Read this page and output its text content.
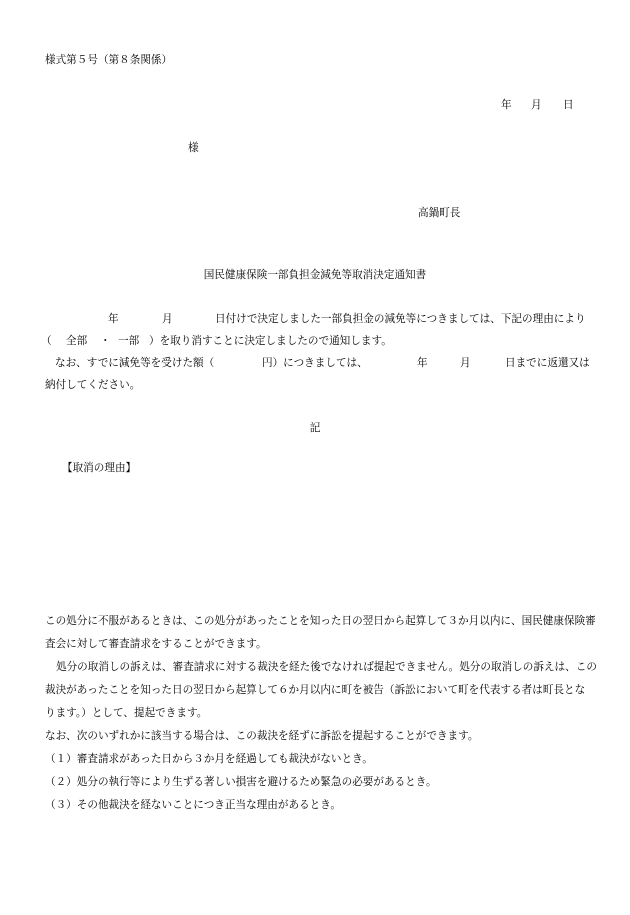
様式第５号（第８条関係）
年 月 日
様
高鍋町長
国民健康保険一部負担金減免等取消決定通知書
年	月	日付けで決定しました一部負担金の減免等につきましては、下記の理由により
（ 全部 ・ 一部 ）を取り消すことに決定しましたので通知します。
なお、すでに減免等を受けた額（	円）につきましては、	年	月	日までに返還又は
納付してください。
記
【取消の理由】

この処分に不服があるときは、この処分があったことを知った日の翌日から起算して３か月以内に、国民健康保険審

査会に対して審査請求をすることができます。

処分の取消しの訴えは、審査請求に対する裁決を経た後でなければ提起できません。処分の取消しの訴えは、この

裁決があったことを知った日の翌日から起算して６か月以内に町を被告（訴訟において町を代表する者は町長とな

ります。）として、提起できます。

なお、次のいずれかに該当する場合は、この裁決を経ずに訴訟を提起することができます。

（１）審査請求があった日から３か月を経過しても裁決がないとき。

（２）処分の執行等により生ずる著しい損害を避けるため緊急の必要があるとき。

（３）その他裁決を経ないことにつき正当な理由があるとき。
